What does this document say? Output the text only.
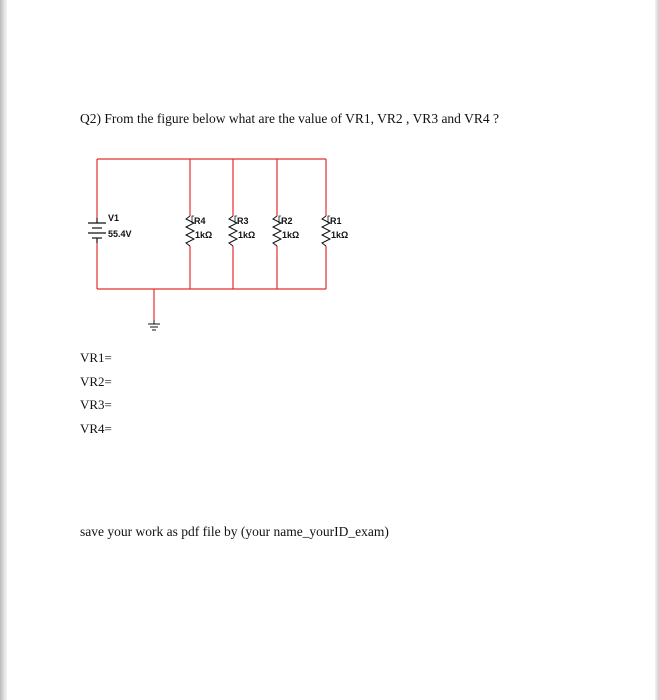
Q2) From the figure below what are the value of VR1, VR2 , VR3 and VR4 ?
V1
55.4V
R4
1kΩ
R3
1kΩ
R2
1kΩ
R1
1kΩ
VR1=
VR2=
VR3=
VR4=
save your work as pdf file by (your name_yourID_exam)
